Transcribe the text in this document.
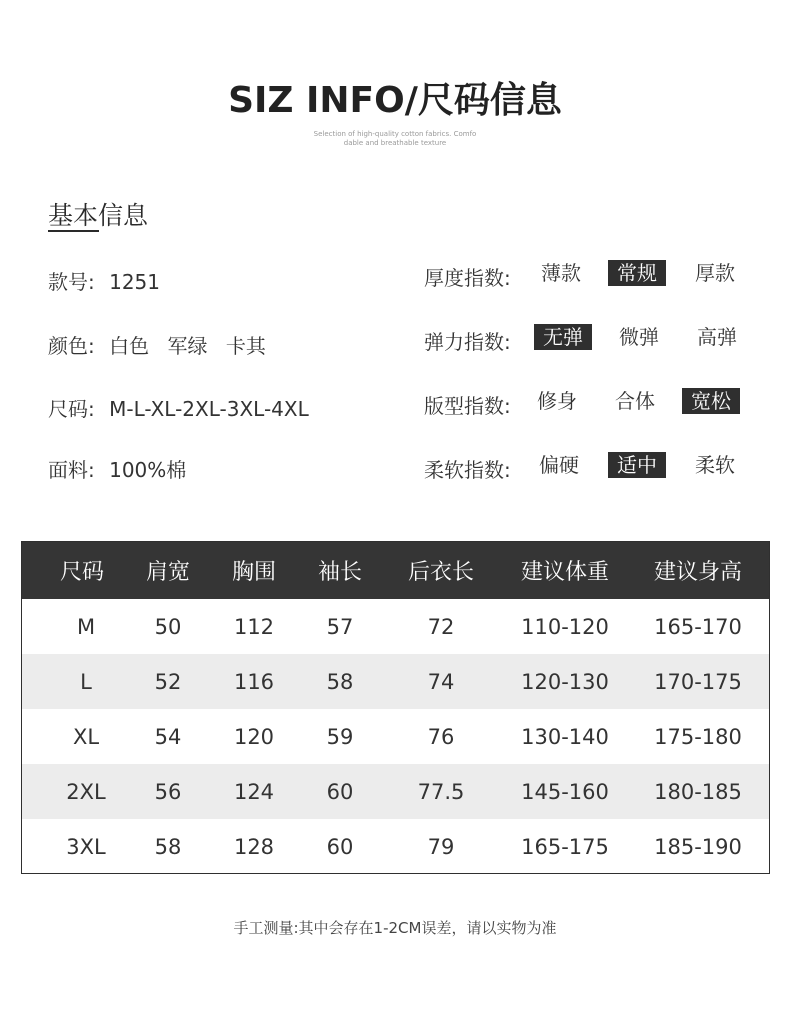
SIZ INFO/尺码信息
Selection of high-quality cotton fabrics. Comfo
dable and breathable texture
基本信息
款号: 1251
颜色: 白色 军绿 卡其
尺码: M-L-XL-2XL-3XL-4XL
面料: 100%棉
厚度指数:	薄款	常规	厚款
弹力指数:	无弹	微弹	高弹
版型指数:	修身	合体	宽松
柔软指数:	偏硬	适中	柔软
尺码	肩宽	胸围	袖长	后衣长	建议体重	建议身高
M	50	112	57	72	110-120	165-170
L	52	116	58	74	120-130	170-175
XL	54	120	59	76	130-140	175-180
2XL	56	124	60	77.5	145-160	180-185
3XL	58	128	60	79	165-175	185-190
手工测量:其中会存在1-2CM误差，请以实物为准
